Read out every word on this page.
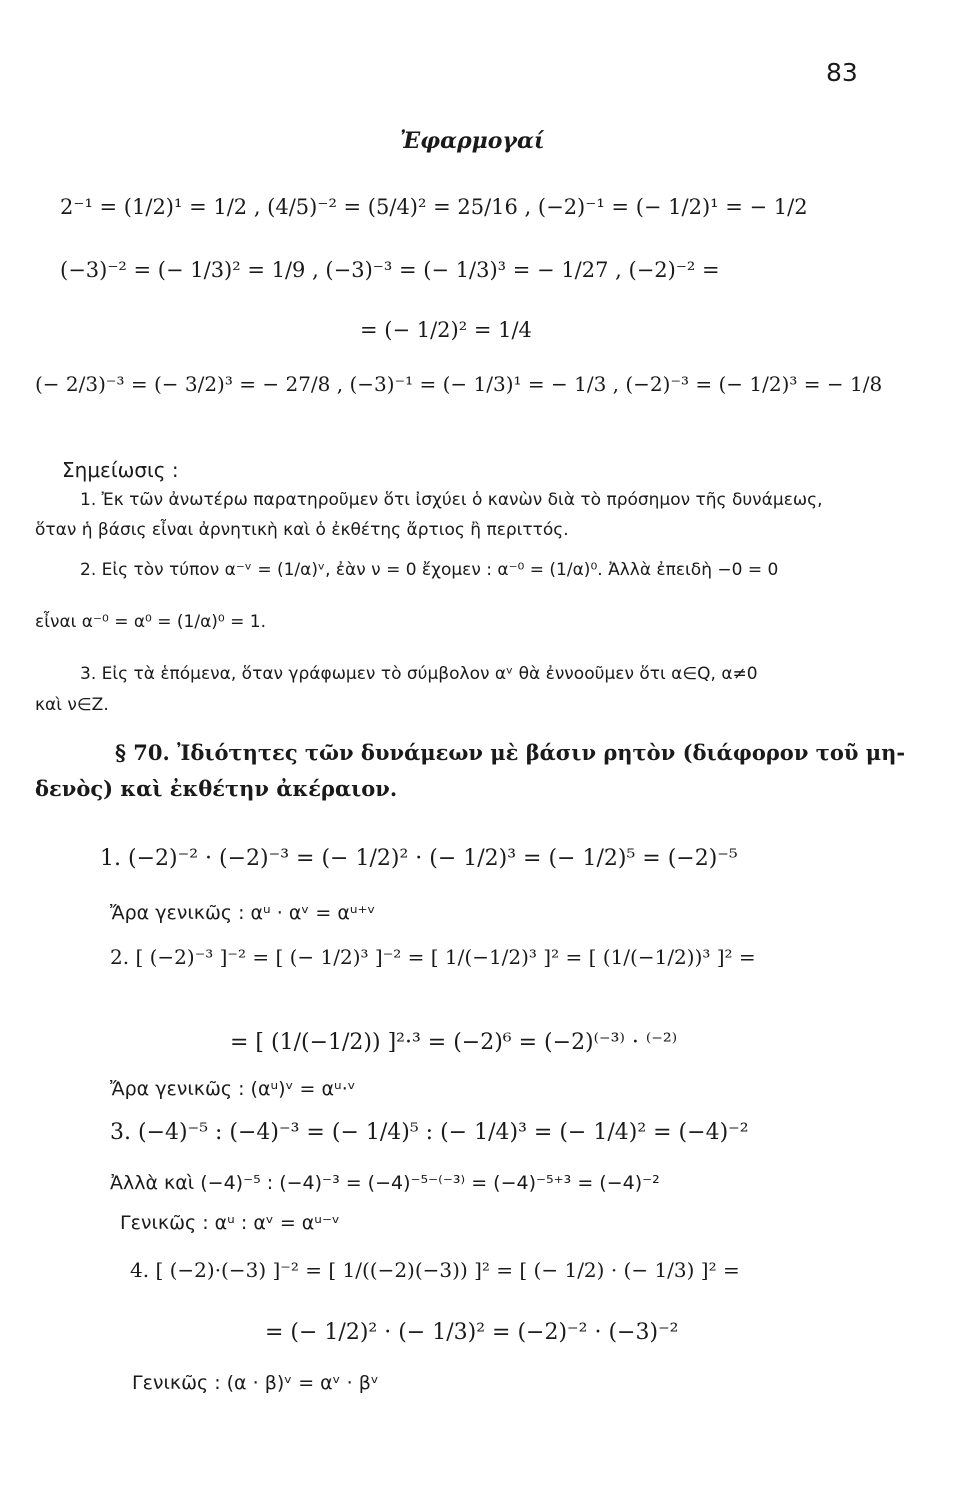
83
Ἐφαρμογαί
2⁻¹ = (1/2)¹ = 1/2 , (4/5)⁻² = (5/4)² = 25/16 , (−2)⁻¹ = (− 1/2)¹ = − 1/2
(−3)⁻² = (− 1/3)² = 1/9 , (−3)⁻³ = (− 1/3)³ = − 1/27 , (−2)⁻² =
= (− 1/2)² = 1/4
(− 2/3)⁻³ = (− 3/2)³ = − 27/8 , (−3)⁻¹ = (− 1/3)¹ = − 1/3 , (−2)⁻³ = (− 1/2)³ = − 1/8
Σημείωσις :
1. Ἐκ τῶν ἀνωτέρω παρατηροῦμεν ὅτι ἰσχύει ὁ κανὼν διὰ τὸ πρόσημον τῆς δυνάμεως,
ὅταν ἡ βάσις εἶναι ἀρνητικὴ καὶ ὁ ἐκθέτης ἄρτιος ἢ περιττός.
2. Εἰς τὸν τύπον α⁻ᵛ = (1/α)ᵛ, ἐὰν ν = 0 ἔχομεν : α⁻⁰ = (1/α)⁰. Ἀλλὰ ἐπειδὴ −0 = 0
εἶναι α⁻⁰ = α⁰ = (1/α)⁰ = 1.
3. Εἰς τὰ ἑπόμενα, ὅταν γράφωμεν τὸ σύμβολον αᵛ θὰ ἐννοοῦμεν ὅτι α∈Q, α≠0
καὶ ν∈Z.
§ 70. Ἰδιότητες τῶν δυνάμεων μὲ βάσιν ρητὸν (διάφορον τοῦ μη-
δενὸς) καὶ ἐκθέτην ἀκέραιον.
1. (−2)⁻² · (−2)⁻³ = (− 1/2)² · (− 1/2)³ = (− 1/2)⁵ = (−2)⁻⁵
Ἄρα γενικῶς : αᵘ · αᵛ = αᵘ⁺ᵛ
2. [ (−2)⁻³ ]⁻² = [ (− 1/2)³ ]⁻² = [ 1/(−1/2)³ ]² = [ (1/(−1/2))³ ]² =
= [ (1/(−1/2)) ]²·³ = (−2)⁶ = (−2)⁽⁻³⁾ · ⁽⁻²⁾
Ἄρα γενικῶς : (αᵘ)ᵛ = αᵘ·ᵛ
3. (−4)⁻⁵ : (−4)⁻³ = (− 1/4)⁵ : (− 1/4)³ = (− 1/4)² = (−4)⁻²
Ἀλλὰ καὶ (−4)⁻⁵ : (−4)⁻³ = (−4)⁻⁵⁻⁽⁻³⁾ = (−4)⁻⁵⁺³ = (−4)⁻²
Γενικῶς : αᵘ : αᵛ = αᵘ⁻ᵛ
4. [ (−2)·(−3) ]⁻² = [ 1/((−2)(−3)) ]² = [ (− 1/2) · (− 1/3) ]² =
= (− 1/2)² · (− 1/3)² = (−2)⁻² · (−3)⁻²
Γενικῶς : (α · β)ᵛ = αᵛ · βᵛ
